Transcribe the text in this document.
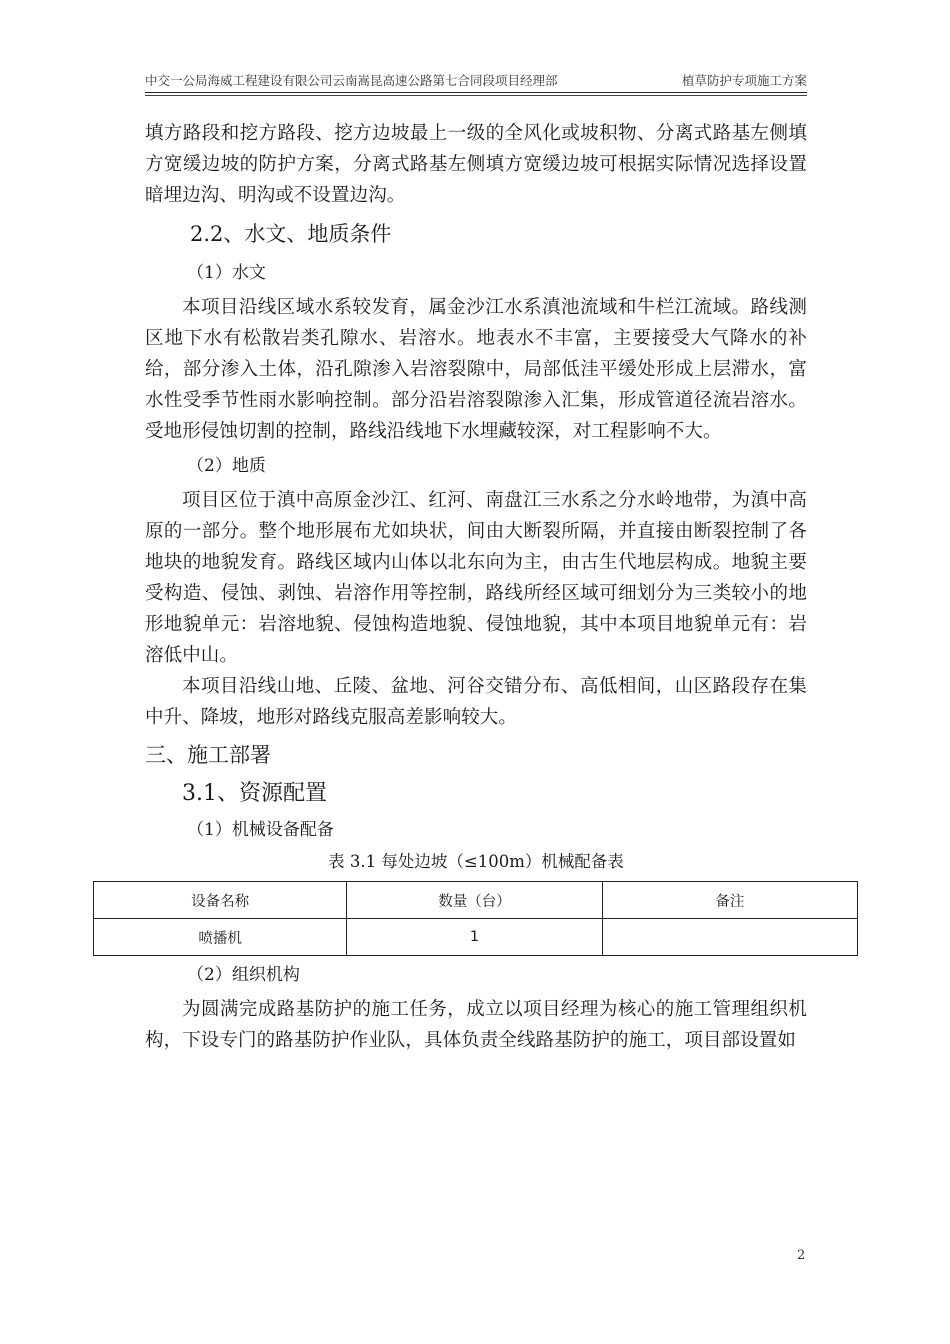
中交一公局海威工程建设有限公司云南嵩昆高速公路第七合同段项目经理部	植草防护专项施工方案

填方路段和挖方路段、挖方边坡最上一级的全风化或坡积物、分离式路基左侧填方宽缓边坡的防护方案，分离式路基左侧填方宽缓边坡可根据实际情况选择设置暗埋边沟、明沟或不设置边沟。

2.2、水文、地质条件
（1）水文

本项目沿线区域水系较发育，属金沙江水系滇池流域和牛栏江流域。路线测区地下水有松散岩类孔隙水、岩溶水。地表水不丰富，主要接受大气降水的补给，部分渗入土体，沿孔隙渗入岩溶裂隙中，局部低洼平缓处形成上层滞水，富水性受季节性雨水影响控制。部分沿岩溶裂隙渗入汇集，形成管道径流岩溶水。受地形侵蚀切割的控制，路线沿线地下水埋藏较深，对工程影响不大。

（2）地质

项目区位于滇中高原金沙江、红河、南盘江三水系之分水岭地带，为滇中高原的一部分。整个地形展布尤如块状，间由大断裂所隔，并直接由断裂控制了各地块的地貌发育。路线区域内山体以北东向为主，由古生代地层构成。地貌主要受构造、侵蚀、剥蚀、岩溶作用等控制，路线所经区域可细划分为三类较小的地形地貌单元：岩溶地貌、侵蚀构造地貌、侵蚀地貌，其中本项目地貌单元有：岩溶低中山。

本项目沿线山地、丘陵、盆地、河谷交错分布、高低相间，山区路段存在集中升、降坡，地形对路线克服高差影响较大。

三、施工部署
3.1、资源配置
（1）机械设备配备
表 3.1 每处边坡（≤100m）机械配备表
设备名称	数量（台）	备注
喷播机	1	
（2）组织机构

为圆满完成路基防护的施工任务，成立以项目经理为核心的施工管理组织机构，下设专门的路基防护作业队，具体负责全线路基防护的施工，项目部设置如

2
